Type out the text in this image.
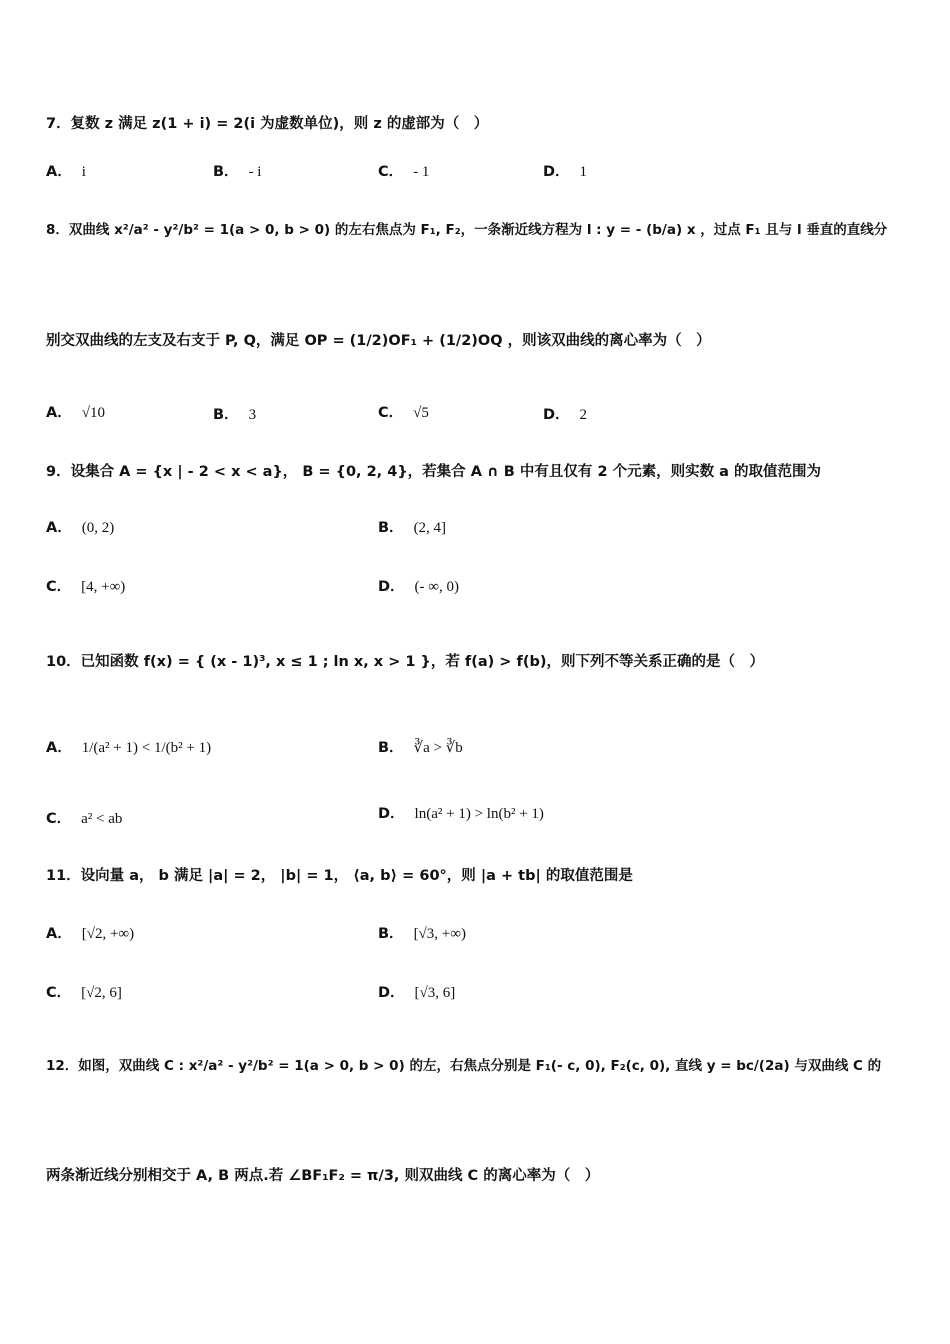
7．复数 z 满足 z(1 + i) = 2(i 为虚数单位)，则 z 的虚部为（　）
A． i	B． - i	C． - 1	D． 1
8．双曲线 x²/a² - y²/b² = 1(a > 0, b > 0) 的左右焦点为 F₁, F₂，一条渐近线方程为 l : y = - (b/a) x ，过点 F₁ 且与 l 垂直的直线分
别交双曲线的左支及右支于 P, Q，满足 OP = (1/2)OF₁ + (1/2)OQ ，则该双曲线的离心率为（　）
A． √10	B． 3	C． √5	D． 2
9．设集合 A = {x | - 2 < x < a}， B = {0, 2, 4}，若集合 A ∩ B 中有且仅有 2 个元素，则实数 a 的取值范围为
A． (0, 2)	B． (2, 4]
C． [4, +∞)	D． (- ∞, 0)
10．已知函数 f(x) = { (x - 1)³, x ≤ 1 ; ln x, x > 1 }，若 f(a) > f(b)，则下列不等关系正确的是（　）
A． 1/(a² + 1) < 1/(b² + 1)	B． ∛a > ∛b
C． a² < ab	D． ln(a² + 1) > ln(b² + 1)
11．设向量 a， b 满足 |a| = 2， |b| = 1， ⟨a, b⟩ = 60°，则 |a + tb| 的取值范围是
A． [√2, +∞)	B． [√3, +∞)
C． [√2, 6]	D． [√3, 6]
12．如图，双曲线 C : x²/a² - y²/b² = 1(a > 0, b > 0) 的左，右焦点分别是 F₁(- c, 0), F₂(c, 0), 直线 y = bc/(2a) 与双曲线 C 的
两条渐近线分别相交于 A, B 两点.若 ∠BF₁F₂ = π/3, 则双曲线 C 的离心率为（　）
